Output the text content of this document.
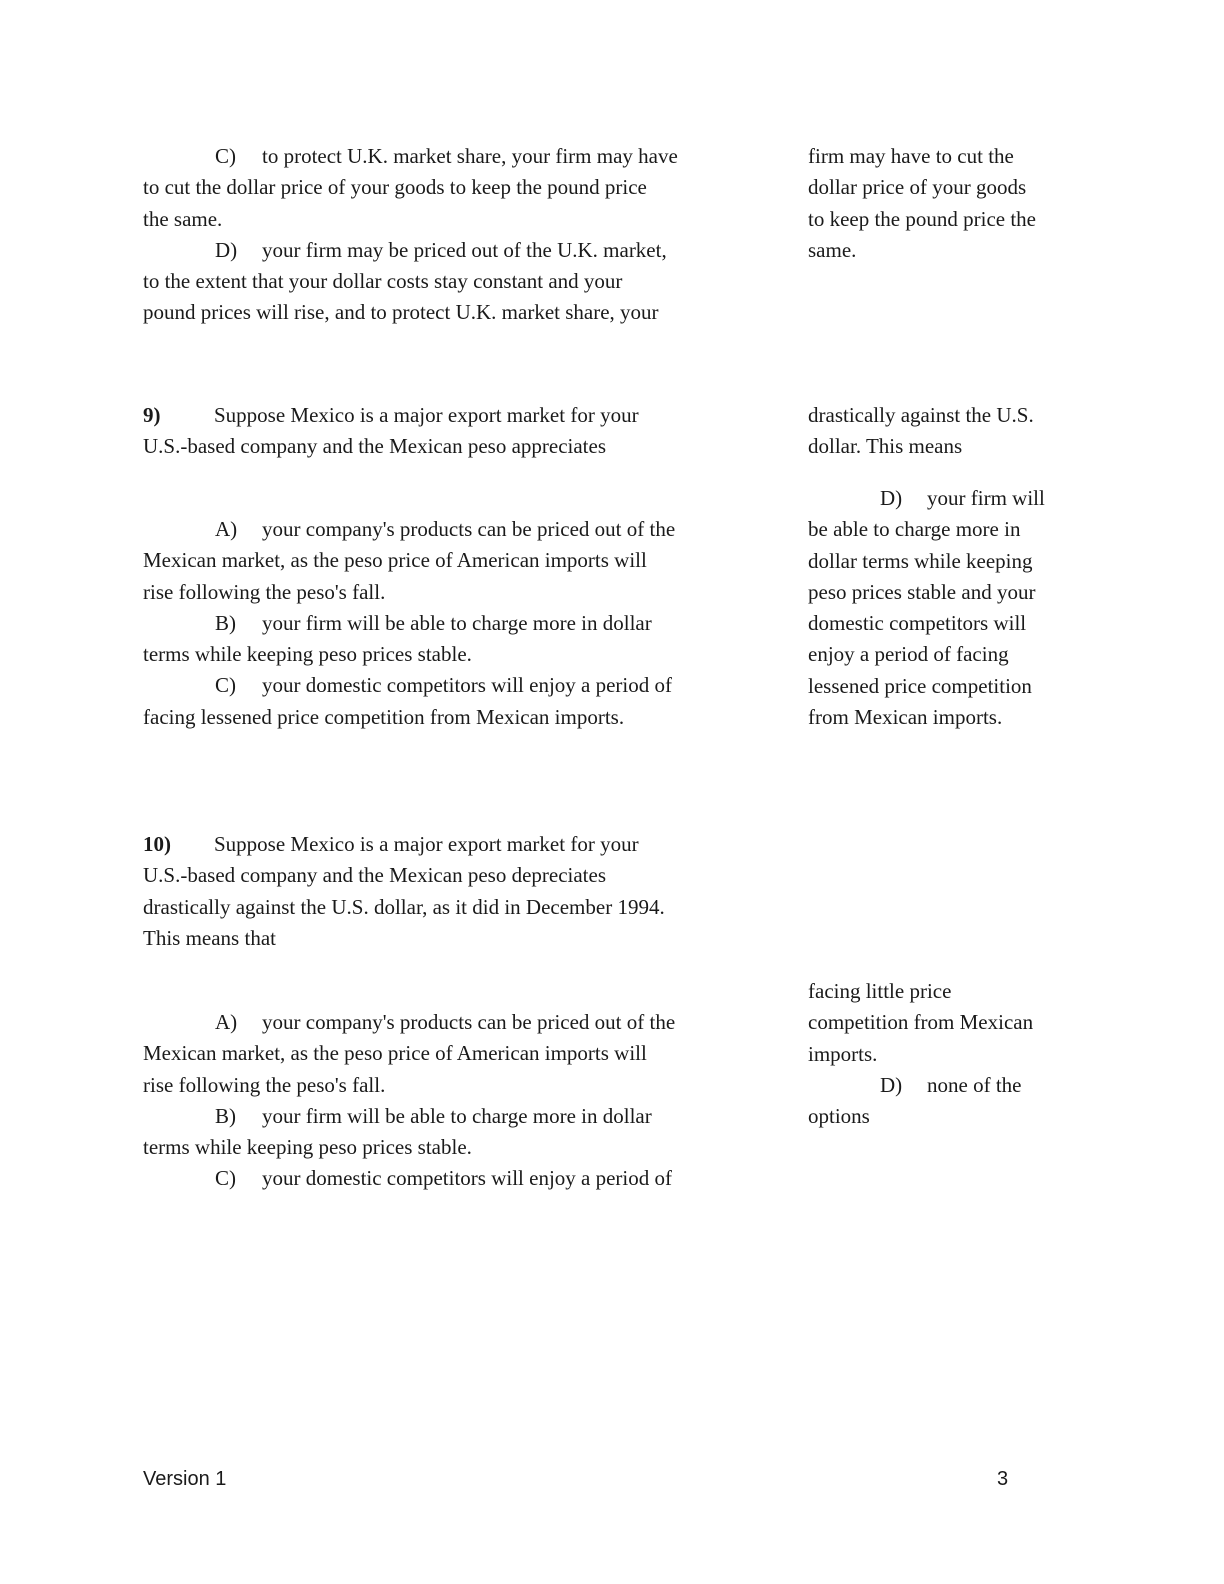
C) to protect U.K. market share, your firm may have
to cut the dollar price of your goods to keep the pound price
the same.
D) your firm may be priced out of the U.K. market,
to the extent that your dollar costs stay constant and your
pound prices will rise, and to protect U.K. market share, your
firm may have to cut the
dollar price of your goods
to keep the pound price the
same.
9)	Suppose Mexico is a major export market for your
U.S.-based company and the Mexican peso appreciates
drastically against the U.S.
dollar. This means
A) your company's products can be priced out of the
Mexican market, as the peso price of American imports will
rise following the peso's fall.
B) your firm will be able to charge more in dollar
terms while keeping peso prices stable.
C) your domestic competitors will enjoy a period of
facing lessened price competition from Mexican imports.
D) your firm will
be able to charge more in
dollar terms while keeping
peso prices stable and your
domestic competitors will
enjoy a period of facing
lessened price competition
from Mexican imports.
10) Suppose Mexico is a major export market for your
U.S.-based company and the Mexican peso depreciates
drastically against the U.S. dollar, as it did in December 1994.
This means that
A) your company's products can be priced out of the
Mexican market, as the peso price of American imports will
rise following the peso's fall.
B) your firm will be able to charge more in dollar
terms while keeping peso prices stable.
C) your domestic competitors will enjoy a period of
facing little price
competition from Mexican
imports.
D) none of the
options
Version 1	3
